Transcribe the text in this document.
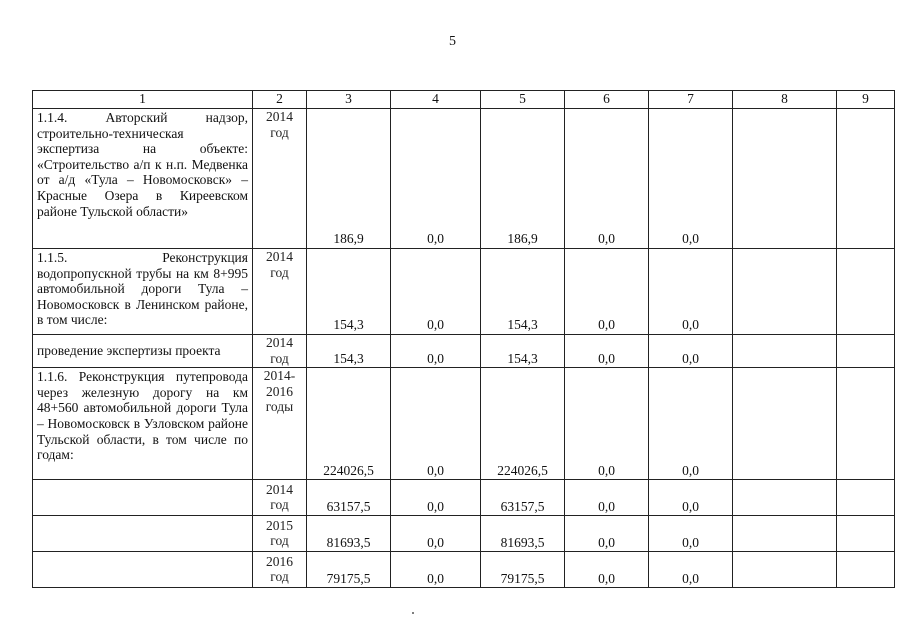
5
1	2	3	4	5	6	7	8	9
1.1.4. Авторский надзор, строительно-техническая экспертиза на объекте: «Строительство а/п к н.п. Медвенка от а/д «Тула – Новомосковск» – Красные Озера в Киреевском районе Тульской области»	2014 год	186,9	0,0	186,9	0,0	0,0		
1.1.5. Реконструкция водопропускной трубы на км 8+995 автомобильной дороги Тула – Новомосковск в Ленинском районе, в том числе:	2014 год	154,3	0,0	154,3	0,0	0,0		
проведение экспертизы проекта	2014 год	154,3	0,0	154,3	0,0	0,0		
1.1.6. Реконструкция путепровода через железную дорогу на км 48+560 автомобильной дороги Тула – Новомосковск в Узловском районе Тульской области, в том числе по годам:	2014-2016 годы	224026,5	0,0	224026,5	0,0	0,0		
	2014 год	63157,5	0,0	63157,5	0,0	0,0		
	2015 год	81693,5	0,0	81693,5	0,0	0,0		
	2016 год	79175,5	0,0	79175,5	0,0	0,0		
